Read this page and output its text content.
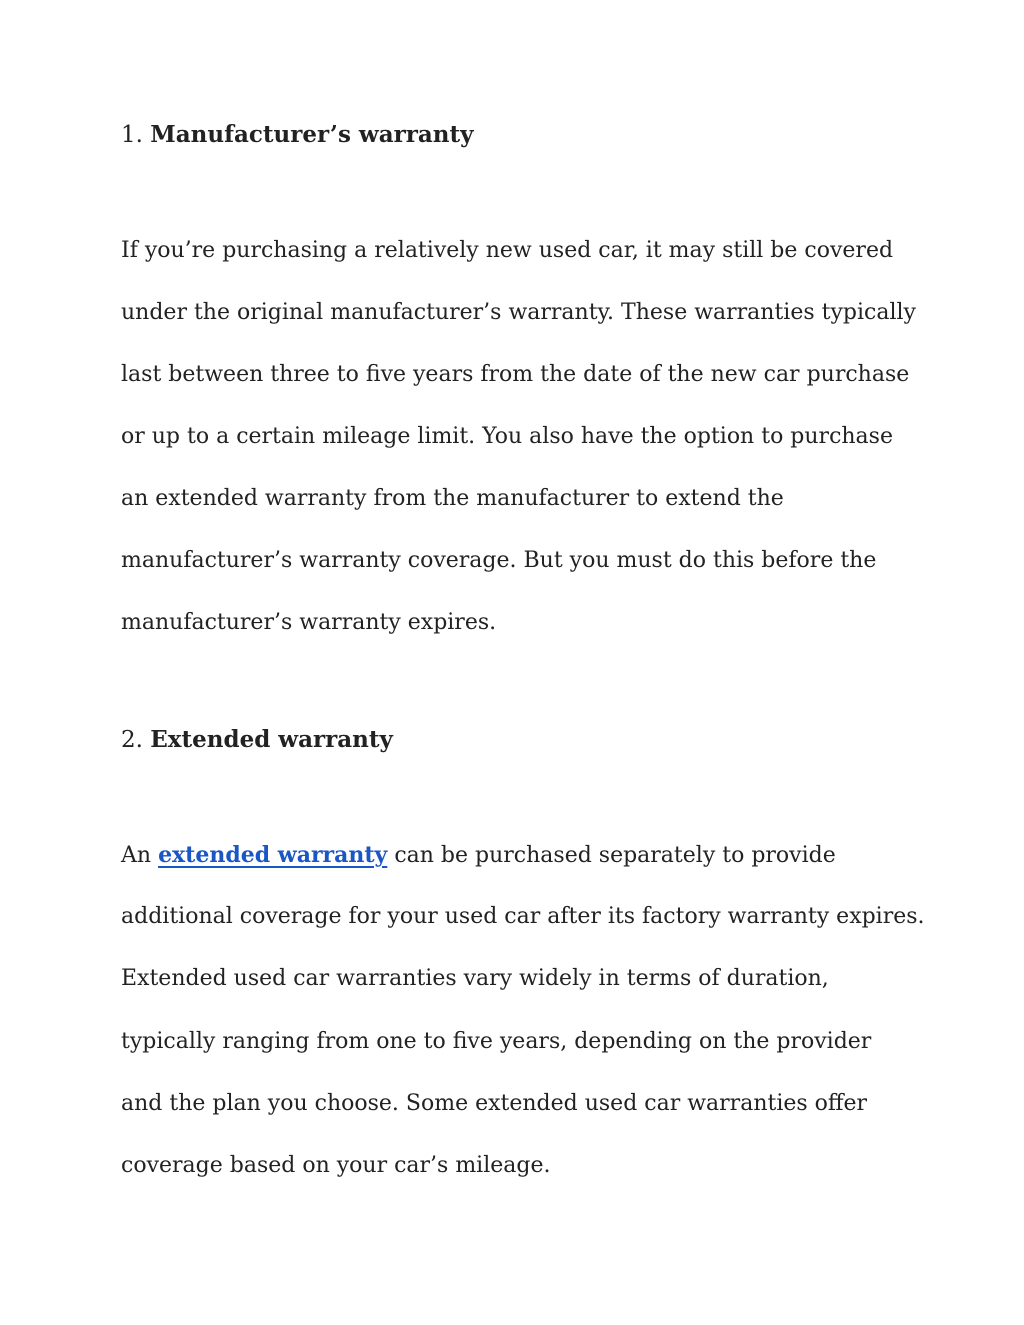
1. Manufacturer’s warranty
If you’re purchasing a relatively new used car, it may still be covered
under the original manufacturer’s warranty. These warranties typically
last between three to five years from the date of the new car purchase
or up to a certain mileage limit. You also have the option to purchase
an extended warranty from the manufacturer to extend the
manufacturer’s warranty coverage. But you must do this before the
manufacturer’s warranty expires.
2. Extended warranty
An extended warranty can be purchased separately to provide
additional coverage for your used car after its factory warranty expires.
Extended used car warranties vary widely in terms of duration,
typically ranging from one to five years, depending on the provider
and the plan you choose. Some extended used car warranties offer
coverage based on your car’s mileage.
